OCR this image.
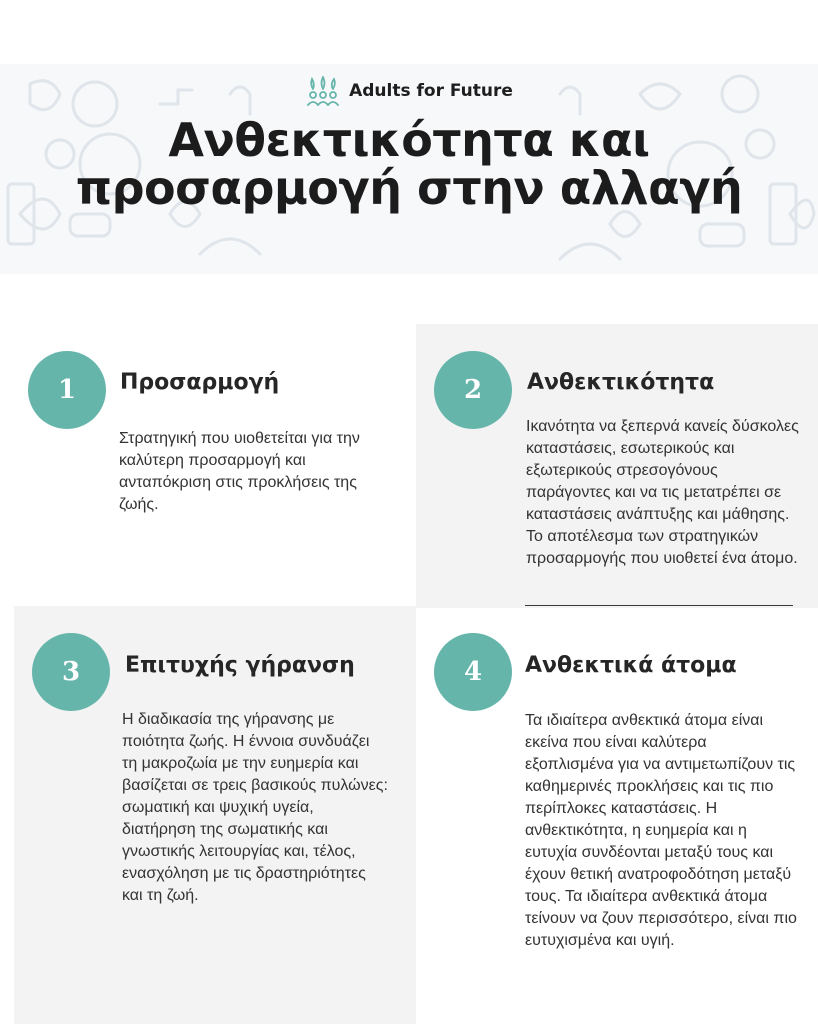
Adults for Future
Ανθεκτικότητα και προσαρμογή στην αλλαγή
1	Προσαρμογή

Στρατηγική που υιοθετείται για την καλύτερη προσαρμογή και ανταπόκριση στις προκλήσεις της ζωής.

2	Ανθεκτικότητα

Ικανότητα να ξεπερνά κανείς δύσκολες καταστάσεις, εσωτερικούς και εξωτερικούς στρεσογόνους παράγοντες και να τις μετατρέπει σε καταστάσεις ανάπτυξης και μάθησης. Το αποτέλεσμα των στρατηγικών προσαρμογής που υιοθετεί ένα άτομο.

3	Επιτυχής γήρανση

Η διαδικασία της γήρανσης με ποιότητα ζωής. Η έννοια συνδυάζει τη μακροζωία με την ευημερία και βασίζεται σε τρεις βασικούς πυλώνες: σωματική και ψυχική υγεία, διατήρηση της σωματικής και γνωστικής λειτουργίας και, τέλος, ενασχόληση με τις δραστηριότητες και τη ζωή.

4	Ανθεκτικά άτομα

Τα ιδιαίτερα ανθεκτικά άτομα είναι εκείνα που είναι καλύτερα εξοπλισμένα για να αντιμετωπίζουν τις καθημερινές προκλήσεις και τις πιο περίπλοκες καταστάσεις. Η ανθεκτικότητα, η ευημερία και η ευτυχία συνδέονται μεταξύ τους και έχουν θετική ανατροφοδότηση μεταξύ τους. Τα ιδιαίτερα ανθεκτικά άτομα τείνουν να ζουν περισσότερο, είναι πιο ευτυχισμένα και υγιή.
